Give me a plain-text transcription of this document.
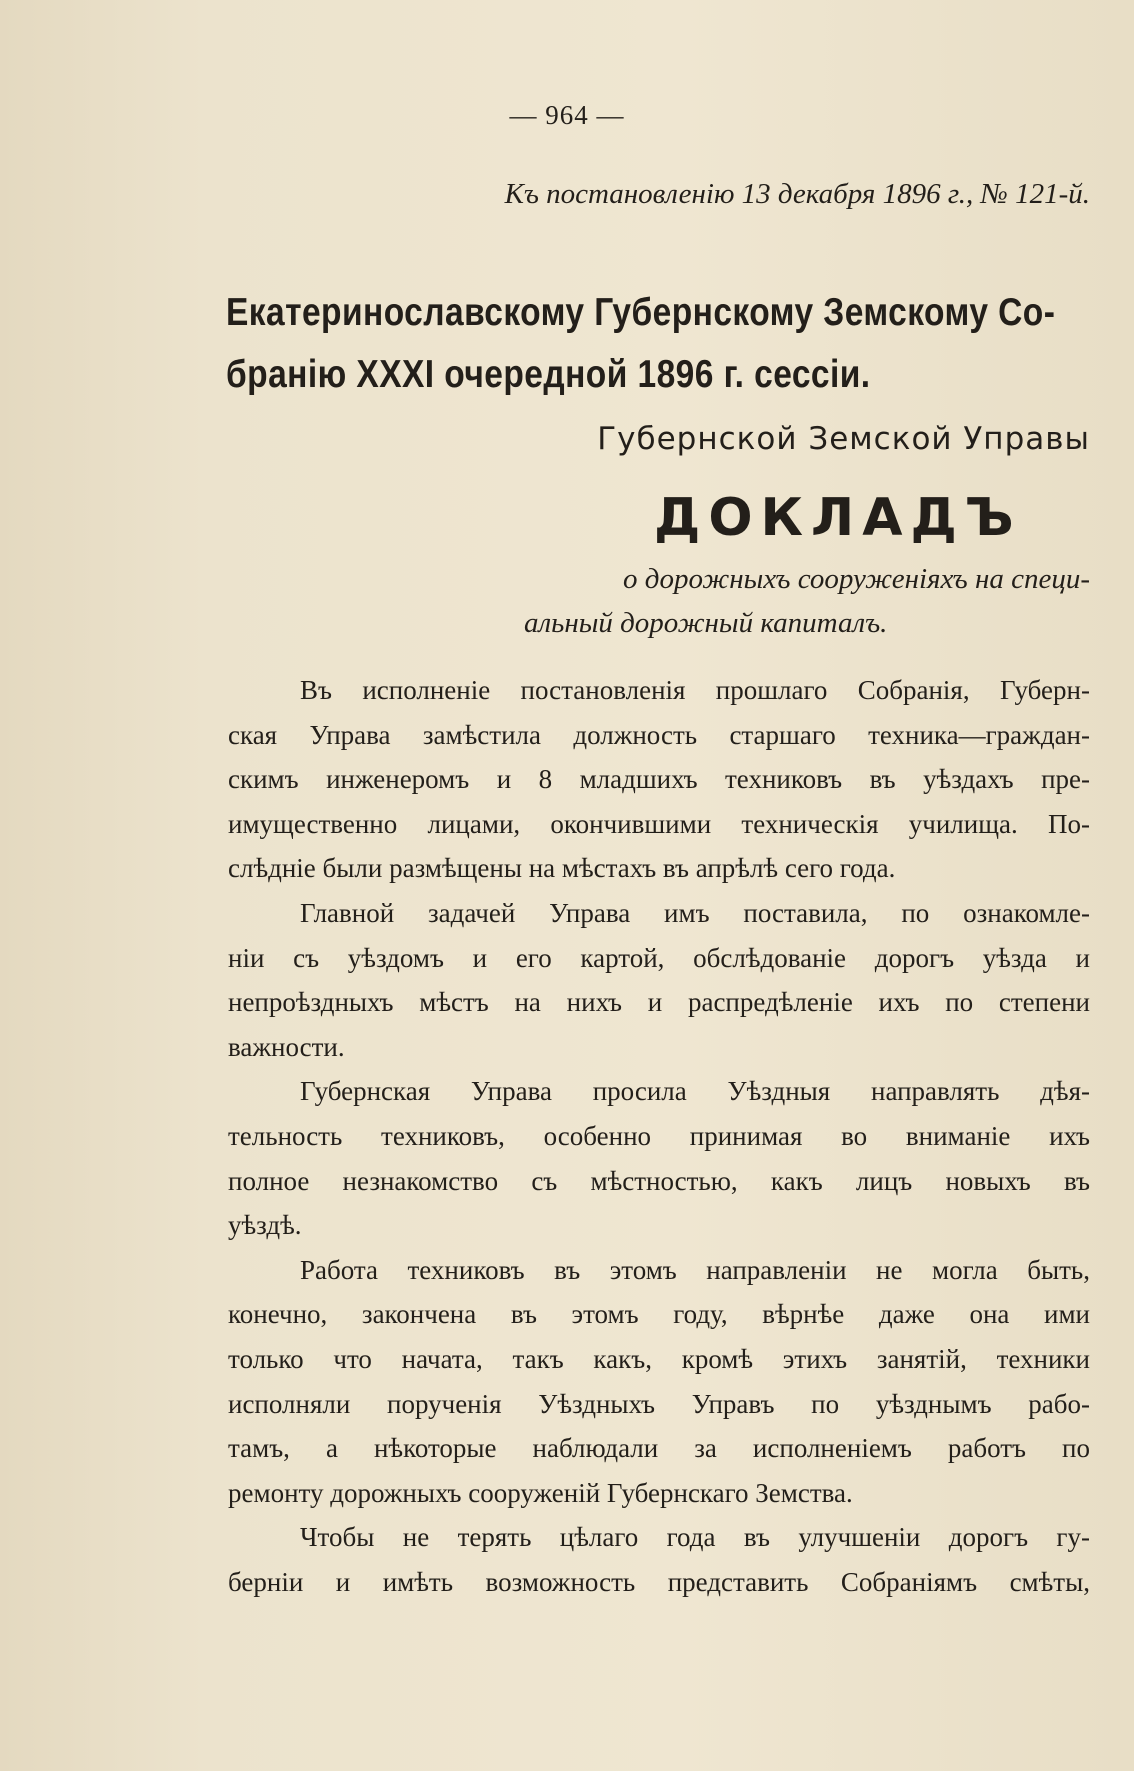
— 964 —
Къ постановленію 13 декабря 1896 г., № 121-й.
Екатеринославскому Губернскому Земскому Со-

бранію XXXI очередной 1896 г. сессіи.
Губернской Земской Управы
ДОКЛАДЪ
о дорожныхъ сооруженіяхъ на специ-
альный дорожный капиталъ.
Въ исполненіе постановленія прошлаго Собранія, Губерн-
ская Управа замѣстила должность старшаго техника—граждан-
скимъ инженеромъ и 8 младшихъ техниковъ въ уѣздахъ пре-
имущественно лицами, окончившими техническія училища. По-
слѣдніе были размѣщены на мѣстахъ въ апрѣлѣ сего года.
Главной задачей Управа имъ поставила, по ознакомле-
ніи съ уѣздомъ и его картой, обслѣдованіе дорогъ уѣзда и
непроѣздныхъ мѣстъ на нихъ и распредѣленіе ихъ по степени
важности.
Губернская Управа просила Уѣздныя направлять дѣя-
тельность техниковъ, особенно принимая во вниманіе ихъ
полное незнакомство съ мѣстностью, какъ лицъ новыхъ въ
уѣздѣ.
Работа техниковъ въ этомъ направленіи не могла быть,
конечно, закончена въ этомъ году, вѣрнѣе даже она ими
только что начата, такъ какъ, кромѣ этихъ занятій, техники
исполняли порученія Уѣздныхъ Управъ по уѣзднымъ рабо-
тамъ, а нѣкоторые наблюдали за исполненіемъ работъ по
ремонту дорожныхъ сооруженій Губернскаго Земства.
Чтобы не терять цѣлаго года въ улучшеніи дорогъ гу-
берніи и имѣть возможность представить Собраніямъ смѣты,
